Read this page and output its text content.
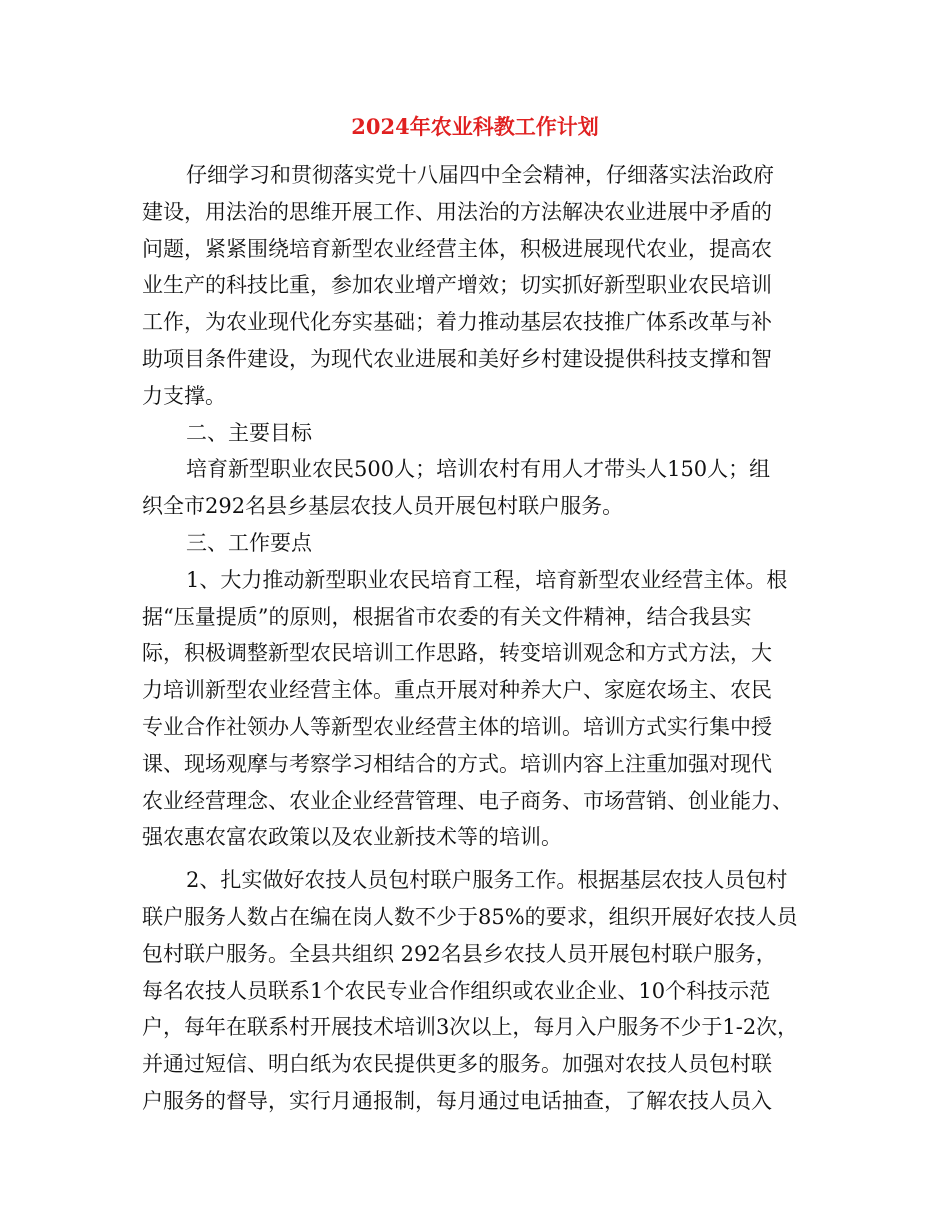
2024年农业科教工作计划
仔细学习和贯彻落实党十八届四中全会精神，仔细落实法治政府
建设，用法治的思维开展工作、用法治的方法解决农业进展中矛盾的
问题，紧紧围绕培育新型农业经营主体，积极进展现代农业，提高农
业生产的科技比重，参加农业增产增效；切实抓好新型职业农民培训
工作，为农业现代化夯实基础；着力推动基层农技推广体系改革与补
助项目条件建设，为现代农业进展和美好乡村建设提供科技支撑和智
力支撑。
二、主要目标
培育新型职业农民500人；培训农村有用人才带头人150人；组
织全市292名县乡基层农技人员开展包村联户服务。
三、工作要点
1、大力推动新型职业农民培育工程，培育新型农业经营主体。根
据“压量提质”的原则，根据省市农委的有关文件精神，结合我县实
际，积极调整新型农民培训工作思路，转变培训观念和方式方法，大
力培训新型农业经营主体。重点开展对种养大户、家庭农场主、农民
专业合作社领办人等新型农业经营主体的培训。培训方式实行集中授
课、现场观摩与考察学习相结合的方式。培训内容上注重加强对现代
农业经营理念、农业企业经营管理、电子商务、市场营销、创业能力、
强农惠农富农政策以及农业新技术等的培训。
2、扎实做好农技人员包村联户服务工作。根据基层农技人员包村
联户服务人数占在编在岗人数不少于85%的要求，组织开展好农技人员
包村联户服务。全县共组织 292名县乡农技人员开展包村联户服务，
每名农技人员联系1个农民专业合作组织或农业企业、10个科技示范
户，每年在联系村开展技术培训3次以上，每月入户服务不少于1-2次，
并通过短信、明白纸为农民提供更多的服务。加强对农技人员包村联
户服务的督导，实行月通报制，每月通过电话抽查，了解农技人员入
